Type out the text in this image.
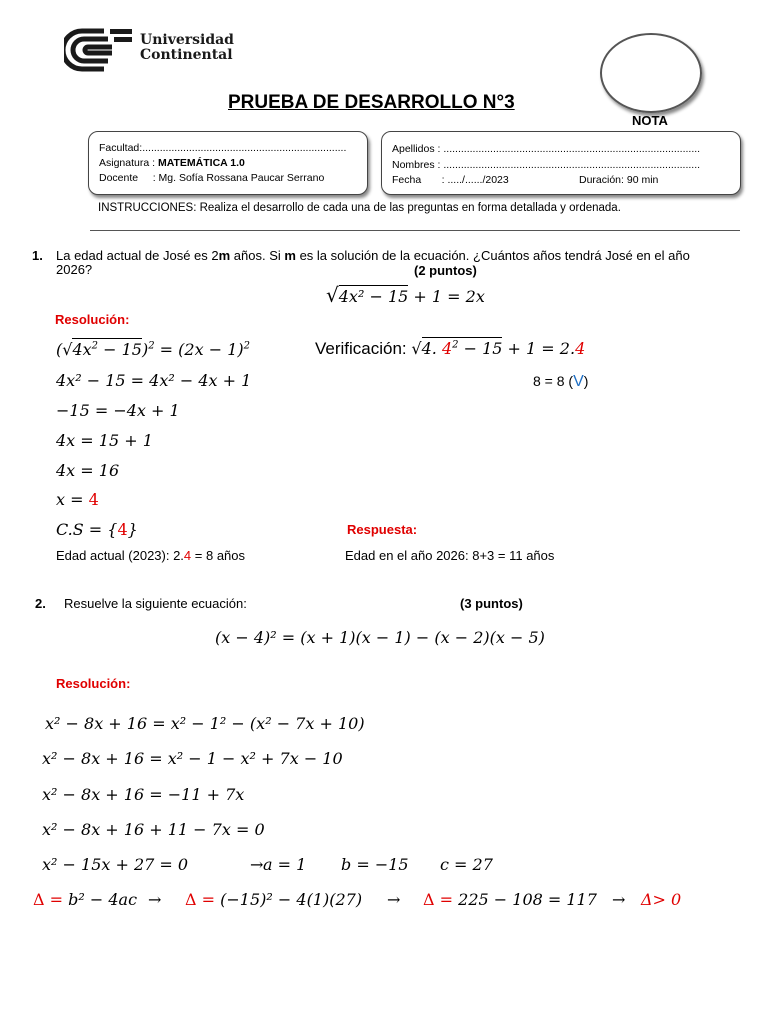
Universidad
Continental
PRUEBA DE DESARROLLO N°3
NOTA
Facultad:......................................................................
Asignatura : MATEMÁTICA 1.0
Docente     : Mg. Sofía Rossana Paucar Serrano
Apellidos : ........................................................................................
Nombres : ........................................................................................
Fecha       : ...../....../2023	Duración: 90 min
INSTRUCCIONES: Realiza el desarrollo de cada una de las preguntas en forma detallada y ordenada.
1. La edad actual de José es 2m años. Si m es la solución de la ecuación. ¿Cuántos años tendrá José en el año
2026?	(2 puntos)
√4x² − 15 + 1 = 2x
Resolución:
$(√4x^2 - 15)^2 = (2x - 1)^2$
4x² − 15 = 4x² − 4x + 1
−15 = −4x + 1
4x = 15 + 1
4x = 16
x = 4
C.S = {4}
Verificación: √4. $4^2 - 15 + 1 = 2.4$
8 = 8 (V)
Respuesta:
Edad actual (2023): 2.4 = 8 años	Edad en el año 2026: 8+3 = 11 años
2. Resuelve la siguiente ecuación:	(3 puntos)
(x − 4)² = (x + 1)(x − 1) − (x − 2)(x − 5)
Resolución:
x² − 8x + 16 = x² − 1² − (x² − 7x + 10)
x² − 8x + 16 = x² − 1 − x² + 7x − 10
x² − 8x + 16 = −11 + 7x
x² − 8x + 16 + 11 − 7x = 0
x² − 15x + 27 = 0	→ a = 1 b = −15 c = 27
Δ = b² − 4ac → Δ = (−15)² − 4(1)(27) → Δ = 225 − 108 = 117 → Δ> 0
